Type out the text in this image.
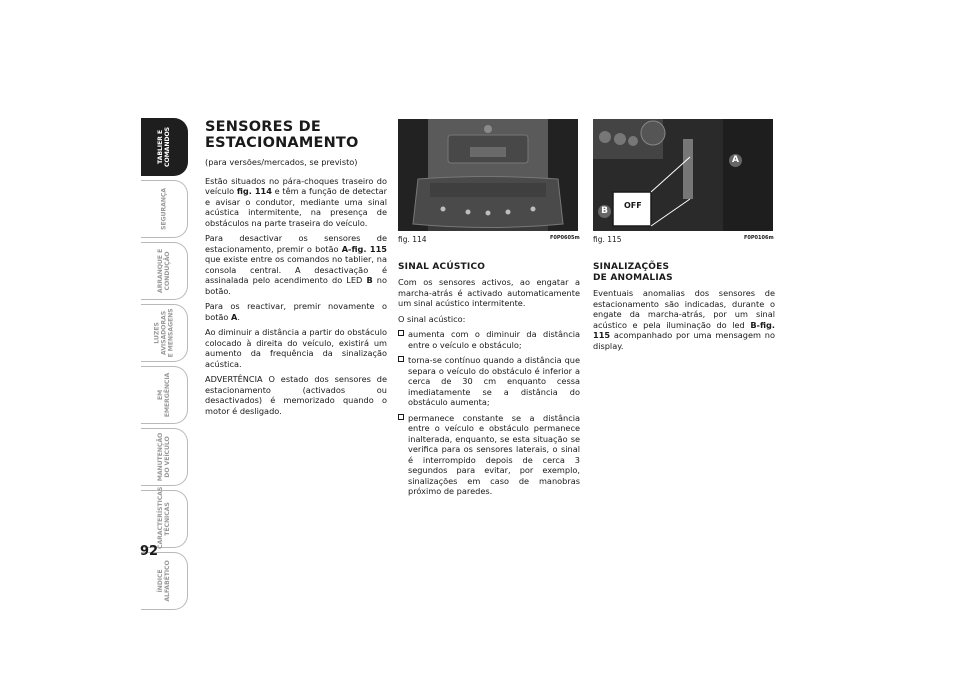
TABLIER E
COMANDOS
SEGURANÇA
ARRANQUE E
CONDUÇÃO
LUZES
AVISADORAS
E MENSAGENS
EM
EMERGÊNCIA
MANUTENÇÃO
DO VEÍCULO
CARACTERÍSTICAS
TÉCNICAS
ÍNDICE
ALFABÉTICO
92
SENSORES DE ESTACIONAMENTO

(para versões/mercados, se previsto)

Estão situados no pára-choques traseiro do veículo fig. 114 e têm a função de detectar e avisar o condutor, mediante uma sinal acústica intermitente, na presença de obstáculos na parte traseira do veículo.

Para desactivar os sensores de estacionamento, premir o botão A-fig. 115 que existe entre os comandos no tablier, na consola central. A desactivação é assinalada pelo acendimento do LED B no botão.

Para os reactivar, premir novamente o botão A.

Ao diminuir a distância a partir do obstáculo colocado à direita do veículo, existirá um aumento da frequência da sinalização acústica.

ADVERTÊNCIA O estado dos sensores de estacionamento (activados ou desactivados) é memorizado quando o motor é desligado.

fig. 114	F0P0605m
OFF
A
B
fig. 115	F0P0106m
SINAL ACÚSTICO

Com os sensores activos, ao engatar a marcha-atrás é activado automaticamente um sinal acústico intermitente.

O sinal acústico:

aumenta com o diminuir da distância entre o veículo e obstáculo;
torna-se contínuo quando a distância que separa o veículo do obstáculo é inferior a cerca de 30 cm enquanto cessa imediatamente se a distância do obstáculo aumenta;
permanece constante se a distância entre o veículo e obstáculo permanece inalterada, enquanto, se esta situação se verifica para os sensores laterais, o sinal é interrompido depois de cerca 3 segundos para evitar, por exemplo, sinalizações em caso de manobras próximo de paredes.
SINALIZAÇÕES
DE ANOMALIAS

Eventuais anomalias dos sensores de estacionamento são indicadas, durante o engate da marcha-atrás, por um sinal acústico e pela iluminação do led B-fig. 115 acompanhado por uma mensagem no display.
